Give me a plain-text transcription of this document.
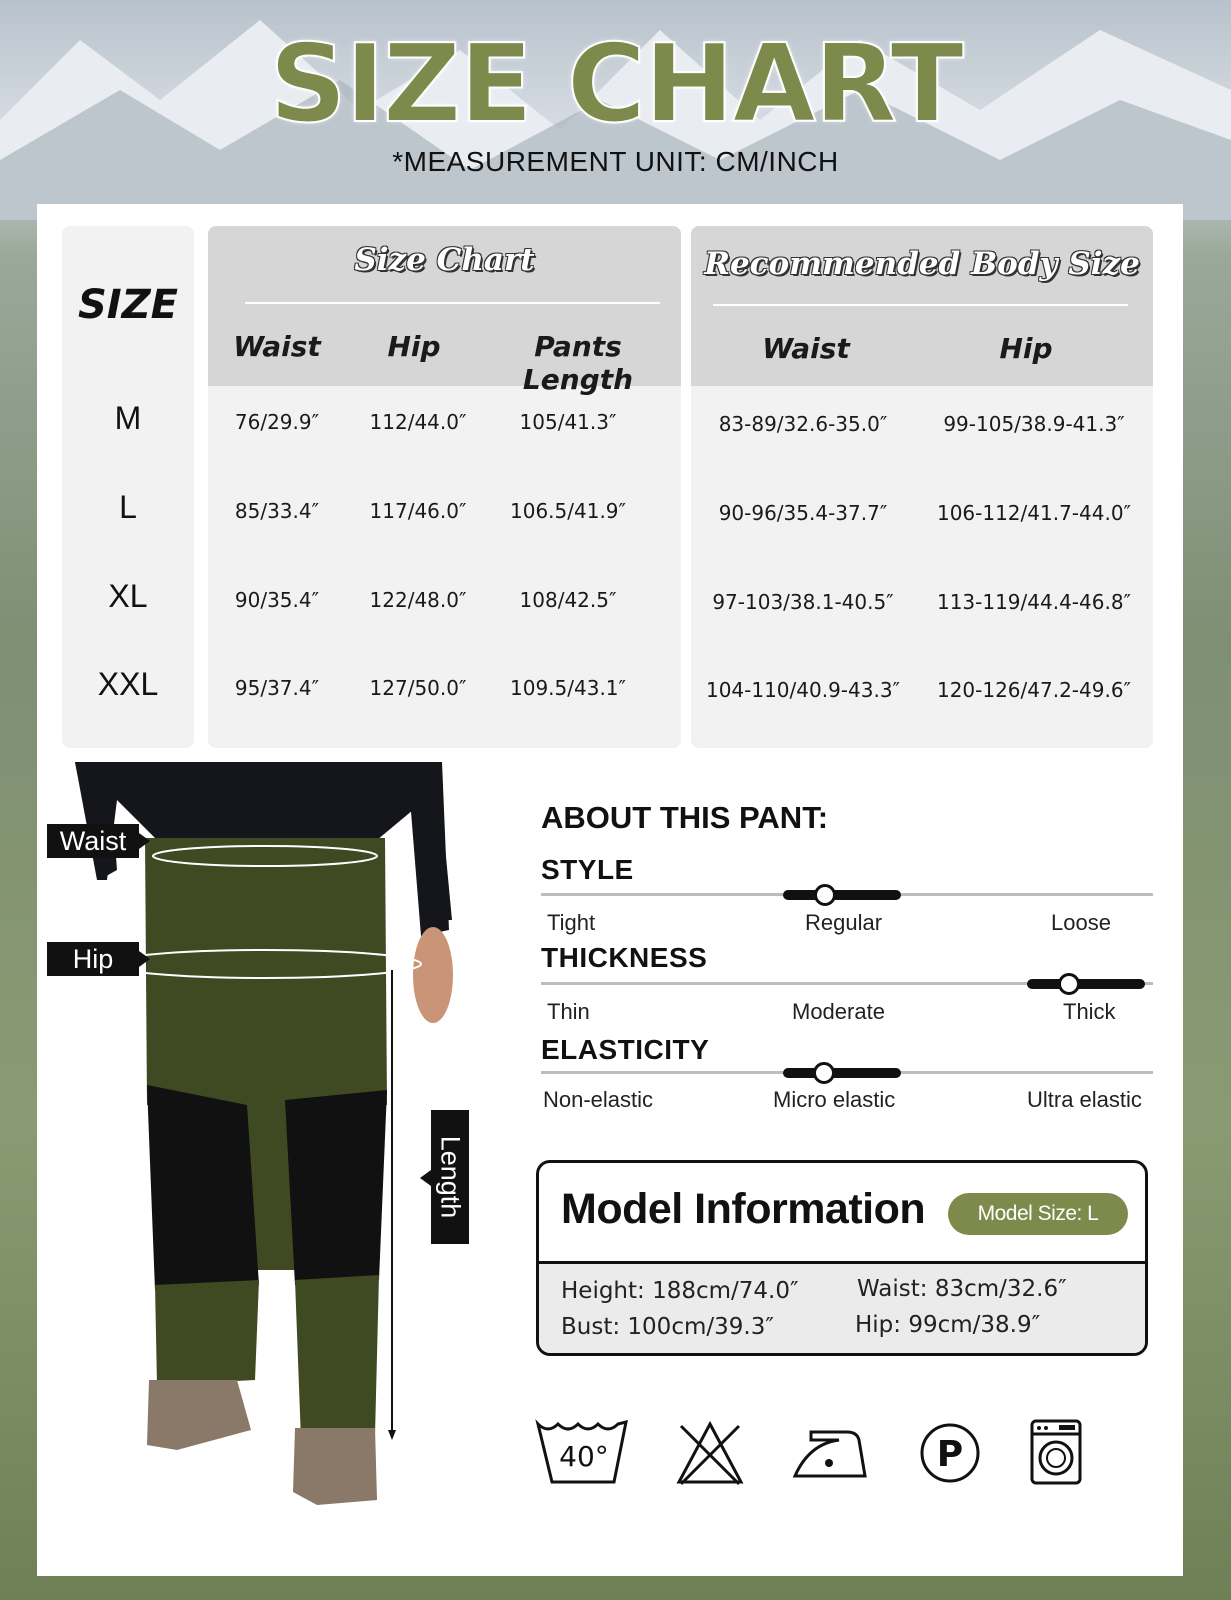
SIZE CHART
*MEASUREMENT UNIT: CM/INCH
SIZE
Size Chart
Waist	Hip	Pants Length
Recommended Body Size
Waist	Hip
M	76/29.9″	112/44.0″	105/41.3″	83-89/32.6-35.0″	99-105/38.9-41.3″
L	85/33.4″	117/46.0″	106.5/41.9″	90-96/35.4-37.7″	106-112/41.7-44.0″
XL	90/35.4″	122/48.0″	108/42.5″	97-103/38.1-40.5″	113-119/44.4-46.8″
XXL	95/37.4″	127/50.0″	109.5/43.1″	104-110/40.9-43.3″	120-126/47.2-49.6″
Waist
Hip
Length
ABOUT THIS PANT:
STYLE
Tight	Regular	Loose
THICKNESS
Thin	Moderate	Thick
ELASTICITY
Non-elastic	Micro elastic	Ultra elastic
Model Information	Model Size: L
Height: 188cm/74.0″
Bust: 100cm/39.3″
Waist: 83cm/32.6″
Hip: 99cm/38.9″
40°	P
